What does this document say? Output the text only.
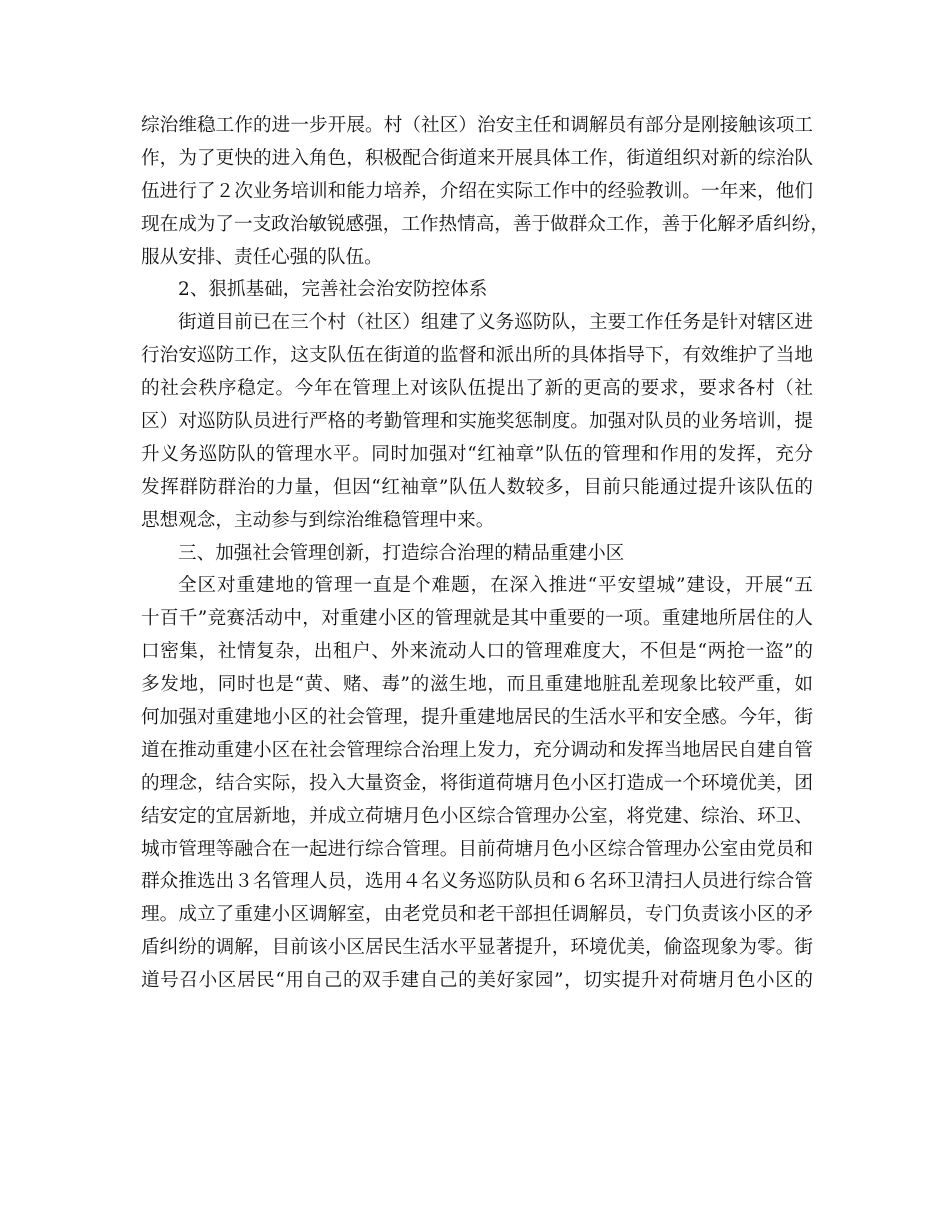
综治维稳工作的进一步开展。村（社区）治安主任和调解员有部分是刚接触该项工
作，为了更快的进入角色，积极配合街道来开展具体工作，街道组织对新的综治队
伍进行了２次业务培训和能力培养，介绍在实际工作中的经验教训。一年来，他们
现在成为了一支政治敏锐感强，工作热情高，善于做群众工作，善于化解矛盾纠纷，
服从安排、责任心强的队伍。
2、狠抓基础，完善社会治安防控体系
街道目前已在三个村（社区）组建了义务巡防队，主要工作任务是针对辖区进
行治安巡防工作，这支队伍在街道的监督和派出所的具体指导下，有效维护了当地
的社会秩序稳定。今年在管理上对该队伍提出了新的更高的要求，要求各村（社
区）对巡防队员进行严格的考勤管理和实施奖惩制度。加强对队员的业务培训，提
升义务巡防队的管理水平。同时加强对“红袖章”队伍的管理和作用的发挥，充分
发挥群防群治的力量，但因“红袖章”队伍人数较多，目前只能通过提升该队伍的
思想观念，主动参与到综治维稳管理中来。
三、加强社会管理创新，打造综合治理的精品重建小区
全区对重建地的管理一直是个难题，在深入推进“平安望城”建设，开展“五
十百千”竞赛活动中，对重建小区的管理就是其中重要的一项。重建地所居住的人
口密集，社情复杂，出租户、外来流动人口的管理难度大，不但是“两抢一盗”的
多发地，同时也是“黄、赌、毒”的滋生地，而且重建地脏乱差现象比较严重，如
何加强对重建地小区的社会管理，提升重建地居民的生活水平和安全感。今年，街
道在推动重建小区在社会管理综合治理上发力，充分调动和发挥当地居民自建自管
的理念，结合实际，投入大量资金，将街道荷塘月色小区打造成一个环境优美，团
结安定的宜居新地，并成立荷塘月色小区综合管理办公室，将党建、综治、环卫、
城市管理等融合在一起进行综合管理。目前荷塘月色小区综合管理办公室由党员和
群众推选出３名管理人员，选用４名义务巡防队员和６名环卫清扫人员进行综合管
理。成立了重建小区调解室，由老党员和老干部担任调解员，专门负责该小区的矛
盾纠纷的调解，目前该小区居民生活水平显著提升，环境优美，偷盗现象为零。街
道号召小区居民“用自己的双手建自己的美好家园”，切实提升对荷塘月色小区的
